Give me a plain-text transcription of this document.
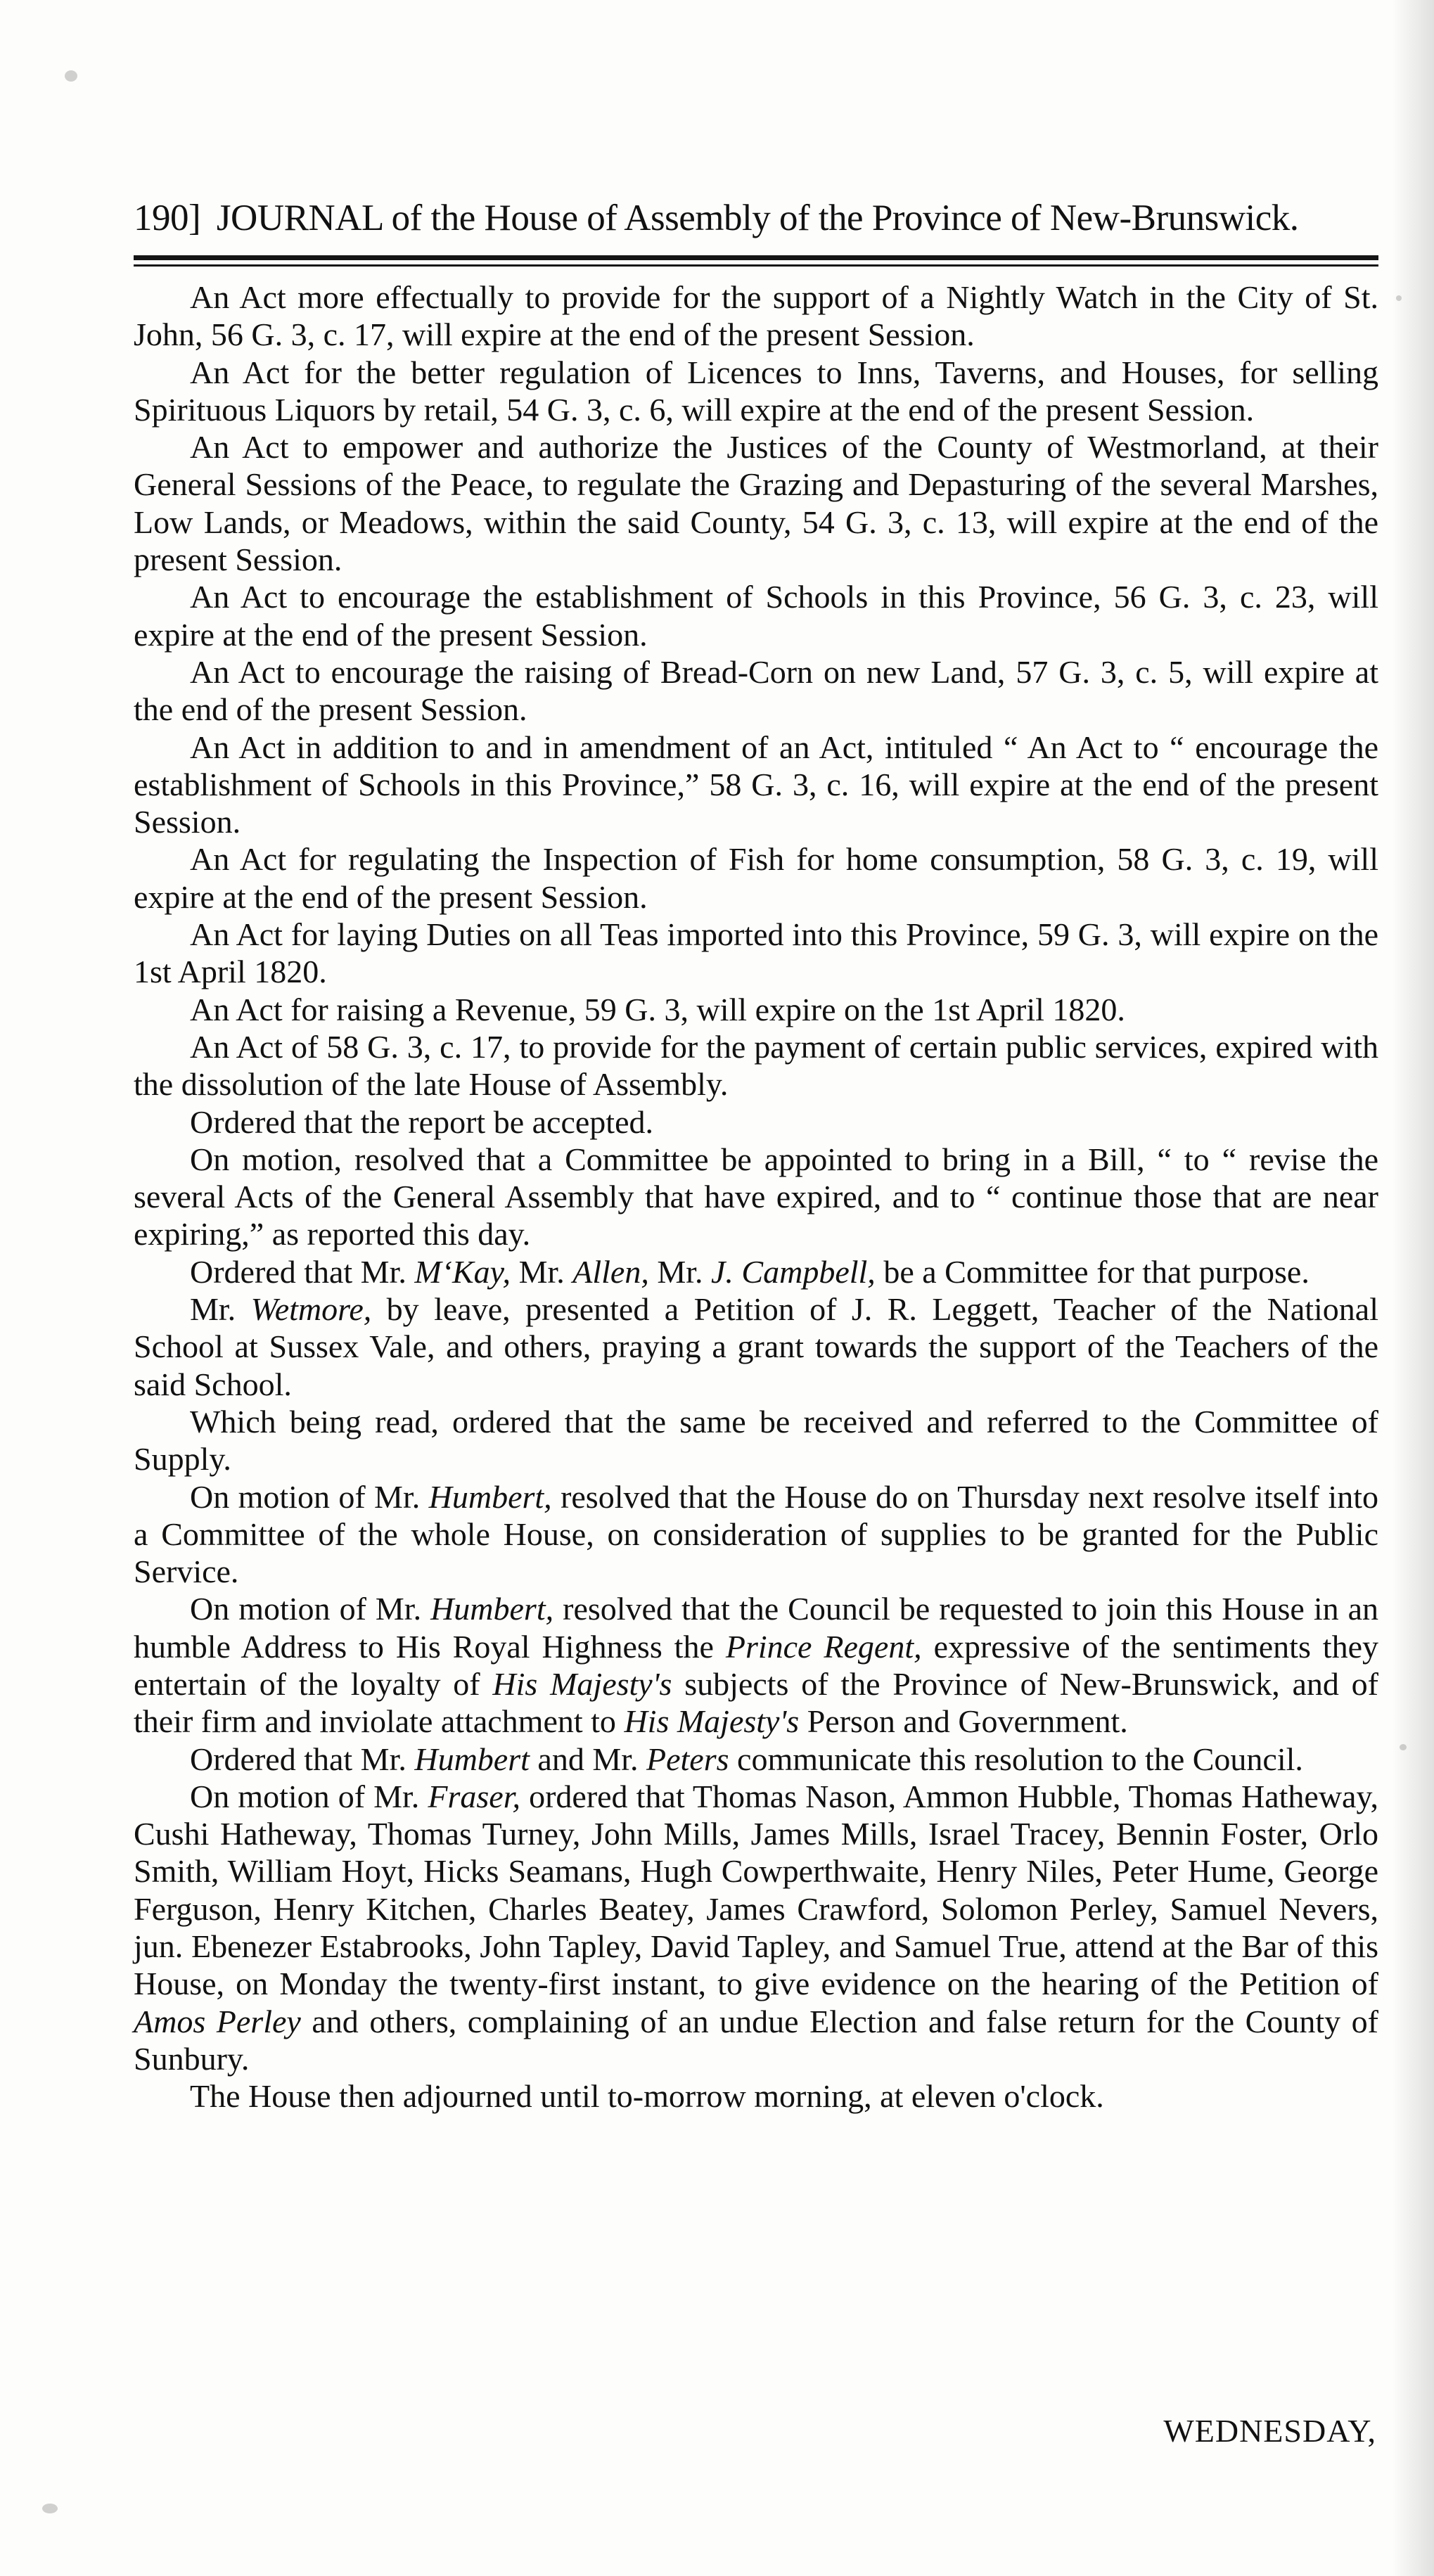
190] JOURNAL of the House of Assembly of the Province of New-Brunswick.

An Act more effectually to provide for the support of a Nightly Watch in the City of St. John, 56 G. 3, c. 17, will expire at the end of the present Session.

An Act for the better regulation of Licences to Inns, Taverns, and Houses, for selling Spirituous Liquors by retail, 54 G. 3, c. 6, will expire at the end of the present Session.

An Act to empower and authorize the Justices of the County of Westmorland, at their General Sessions of the Peace, to regulate the Grazing and Depasturing of the several Marshes, Low Lands, or Meadows, within the said County, 54 G. 3, c. 13, will expire at the end of the present Session.

An Act to encourage the establishment of Schools in this Province, 56 G. 3, c. 23, will expire at the end of the present Session.

An Act to encourage the raising of Bread-Corn on new Land, 57 G. 3, c. 5, will expire at the end of the present Session.

An Act in addition to and in amendment of an Act, intituled “ An Act to “ encourage the establishment of Schools in this Province,” 58 G. 3, c. 16, will expire at the end of the present Session.

An Act for regulating the Inspection of Fish for home consumption, 58 G. 3, c. 19, will expire at the end of the present Session.

An Act for laying Duties on all Teas imported into this Province, 59 G. 3, will expire on the 1st April 1820.

An Act for raising a Revenue, 59 G. 3, will expire on the 1st April 1820.

An Act of 58 G. 3, c. 17, to provide for the payment of certain public services, expired with the dissolution of the late House of Assembly.

Ordered that the report be accepted.

On motion, resolved that a Committee be appointed to bring in a Bill, “ to “ revise the several Acts of the General Assembly that have expired, and to “ continue those that are near expiring,” as reported this day.

Ordered that Mr. M‘Kay, Mr. Allen, Mr. J. Campbell, be a Committee for that purpose.

Mr. Wetmore, by leave, presented a Petition of J. R. Leggett, Teacher of the National School at Sussex Vale, and others, praying a grant towards the support of the Teachers of the said School.

Which being read, ordered that the same be received and referred to the Committee of Supply.

On motion of Mr. Humbert, resolved that the House do on Thursday next resolve itself into a Committee of the whole House, on consideration of supplies to be granted for the Public Service.

On motion of Mr. Humbert, resolved that the Council be requested to join this House in an humble Address to His Royal Highness the Prince Regent, expressive of the sentiments they entertain of the loyalty of His Majesty's subjects of the Province of New-Brunswick, and of their firm and inviolate attachment to His Majesty's Person and Government.

Ordered that Mr. Humbert and Mr. Peters communicate this resolution to the Council.

On motion of Mr. Fraser, ordered that Thomas Nason, Ammon Hubble, Thomas Hatheway, Cushi Hatheway, Thomas Turney, John Mills, James Mills, Israel Tracey, Bennin Foster, Orlo Smith, William Hoyt, Hicks Seamans, Hugh Cowperthwaite, Henry Niles, Peter Hume, George Ferguson, Henry Kitchen, Charles Beatey, James Crawford, Solomon Perley, Samuel Nevers, jun. Ebenezer Estabrooks, John Tapley, David Tapley, and Samuel True, attend at the Bar of this House, on Monday the twenty-first instant, to give evidence on the hearing of the Petition of Amos Perley and others, complaining of an undue Election and false return for the County of Sunbury.

The House then adjourned until to-morrow morning, at eleven o'clock.

WEDNESDAY,
